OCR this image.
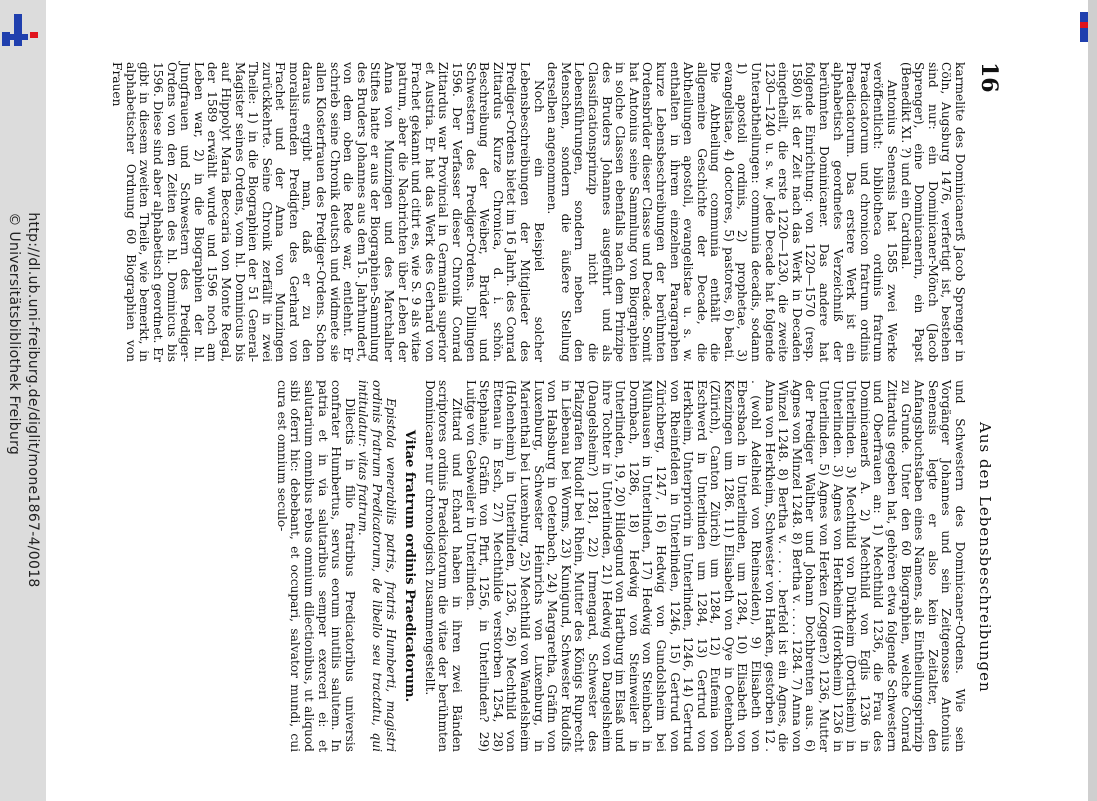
http://dl.ub.uni-freiburg.de/diglit/mone1867-4/0018
© Universitätsbibliothek Freiburg
16
Aus den Lebensbeschreibungen

karmelite des Dominicanerß Jacob Sprenger in Cöln, Augsburg 1476, verfertigt ist, bestehen sind nur: ein Dominicaner-Mönch (Jacob Sprenger), eine Dominicanerin, ein Papst (Benedikt XI. ?) und ein Cardinal.

Antonius Senensis hat 1585 zwei Werke veröffentlicht: bibliotheca ordinis fratrum Praedicatorum und chronicon fratrum ordinis Praedicatorum. Das erstere Werk ist ein alphabetisch geordnetes Verzeichniß der berühmten Dominicaner. Das andere hat folgende Einrichtung: von 1220—1570 (resp. 1580) ist der Zeit nach das Werk in Decaden eingetheilt, die erste 1220—1230, die zweite 1230—1240 u. s. w. Jede Decade hat folgende Unterabtheilungen: communia decadis, sodann 1) apostoli ordinis, 2) prophetae, 3) evangelistae, 4) doctores, 5) pastores, 6) beati. Die Abtheilung communia enthält die allgemeine Geschichte der Decade, die Abtheilungen apostoli, evangelistae u. s. w. enthalten in ihrem einzelnen Paragraphen kurze Lebensbeschreibungen der berühmten Ordensbrüder dieser Classe und Decade. Somit hat Antonius seine Sammlung von Biographien in solche Classen ebenfalls nach dem Prinzipe des Bruders Johannes ausgeführt und als Classificationsprinzip nicht die Lebensführungen, sondern neben den Menschen, sondern die äußere Stellung derselben angenommen.

Noch ein Beispiel solcher Lebensbeschreibungen der Mitglieder des Prediger-Ordens bietet im 16 Jahrh. des Conrad Zittardus Kurze Chronica, d. i. schön. Beschreibung der Weiber, Brüder und Schwestern des Prediger-Ordens. Dillingen 1596. Der Verfasser dieser Chronik Conrad Zittardus war Provincial in Germania superior et Austria. Er hat das Werk des Gerhard von Frachet gekannt und citirt es, wie S. 9 als vitae patrum, aber die Nachrichten über Leben der Anna von Munzingen und des Marchalher Stiftes hatte er aus der Biographien-Sammlung des Bruders Johannes aus dem 15. Jahrhundert, von dem oben die Rede war, entlehnt. Er schrieb seine Chronik deutsch und widmete sie allen Klosterfrauen des Prediger-Ordens. Schon daraus ergibt man, daß er zu den moralisirenden Predigten des Gerhard von Frachet und der Anna von Munzingen zurückkehrte. Seine Chronik zerfällt in zwei Theile: 1) in die Biographien der 51 General-Magister seines Ordens, vom hl. Dominicus bis auf Hippolyt Maria Beccaria von Monte Regal, der 1589 erwählt wurde und 1596 noch am Leben war, 2) in die Biographien der hl. Jungfrauen und Schwestern des Prediger-Ordens von den Zeiten des hl. Dominicus bis 1596. Diese sind aber alphabetisch geordnet. Er gibt in diesem zweiten Theile, wie bemerkt, in alphabetischer Ordnung 60 Biographien von Frauen

und Schwestern des Dominicaner-Ordens. Wie sein Vorgänger Johannes und sein Zeitgenosse Antonius Senensis legte er also kein Zeitalter, den Anfangsbuchstaben eines Namens, als Eintheilungsprinzip zu Grunde. Unter den 60 Biographien, welche Conrad Zittardus gegeben hat, gehören etwa folgende Schwestern und Oberfrauen an: 1) Mechthild 1236, die Frau des Dominicanerß A. 2) Mechthild von Eglis 1236 in Unterlinden. 3) Mechthild von Dürkheim (Dortisheim) in Unterlinden. 3) Agnes von Herkheim (Horkheim) 1236 in Unterlinden. 5) Agnes von Herken (Zoggen?) 1236, Mutter der Prediger Walther und Johann Dochbrenten aus. 6) Agnes von Minzel 1248. 8) Bertha v. . . . . 1284. 7) Anna von Winzel 1248. 8) Bertha v. . . . . berfeld ist ein Agnes, die Anna von Herkheim, Schwester von Harken, gestorben 12 . . (wohl Adelheid von Rheinselden), 9) Elisabeth von Ebersbach in Unterlinden, um 1284, 10) Elisabeth von Kenzingen um 1286. 11) Elisabeth von Oye in Oetenbach (Zürich), Canton Zürich) um 1284, 12) Eufemia von Eschwerd in Unterlinden um 1284, 13) Gertrud von Herkheim, Unterpriorin in Unterlinden, 1246, 14) Gertrud von Rheinfelden in Unterlinden, 1246, 15) Gertrud von Zürichberg, 1247, 16) Hedwig von Gundolsheim bei Mülhausen in Unterlinden, 17) Hedwig von Steinbach in Dornbach, 1286, 18) Hedwig von Steinweiler in Unterlinden, 19, 20) Hildegund von Hartburg im Elsaß und ihre Tochter in Unterlinden, 21) Hedwig von Dangelsheim (Dangelsheim?) 1281, 22) Irmengard, Schwester des Pfalzgrafen Rudolf bei Rhein, Mutter des Königs Ruprecht in Liebenau bei Worms, 23) Kunigund, Schwester Rudolfs von Habsburg in Oetenbach, 24) Margaretha, Gräfin von Luxenburg, Schwester Heinrichs von Luxenburg, in Marienthal bei Luxenburg, 25) Mechthild von Wandelsheim (Hohenheim) in Unterlinden, 1236, 26) Mechthild von Ettenau in Esch, 27) Mechthilde verstorben 1254, 28) Stephanie, Gräfin von Pfirt, 1256, in Unterlinden? 29) Luitge von Gebweiler in Unterlinden.

Zittard und Echard haben in ihren zwei Bänden scriptores ordinis Praedicatorum die vitae der berühmten Dominicaner nur chronologisch zusammengestellt.

Vitae fratrum ordinis Praedicatorum.

Epistola venerabilis patris, fratris Humberti, magistri ordinis fratrum Predicatorum, de libello seu tractatu, qui intitulatur: vitas fratrum.

Dilectis in filio fratribus Predicatoribus universis confrater Humbertus, servus eorum inutilis salutem. In patria et in via salutaribus semper exerceri ei: et salutarium omnibus rebus omnium dilectionibus, ut aliquod sibi oferri hic: debebant, et occupari, salvator mundi, cui cura est omnium seculo-
